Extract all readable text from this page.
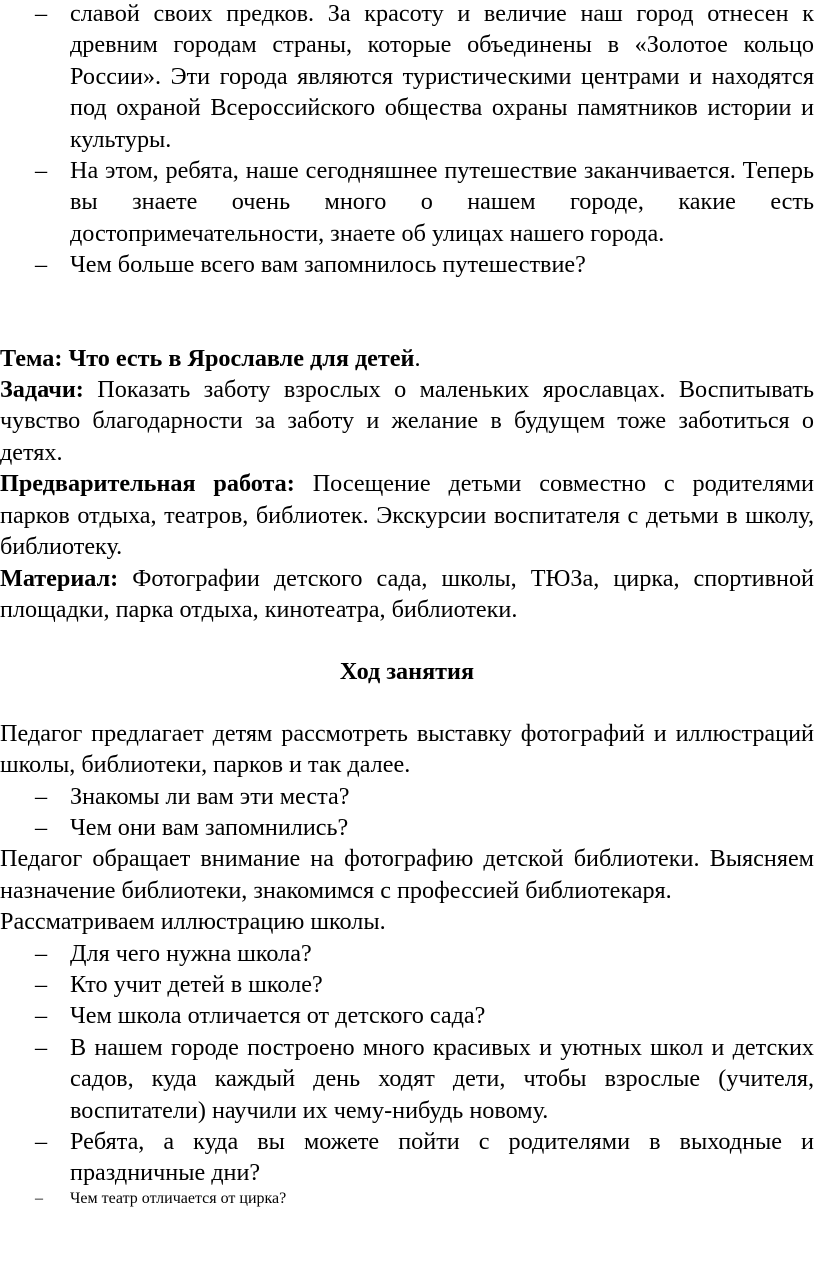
– славой своих предков. За красоту и величие наш город отнесен к древним городам страны, которые объединены в «Золотое кольцо России». Эти города являются туристическими центрами и находятся под охраной Всероссийского общества охраны памятников истории и культуры.
– На этом, ребята, наше сегодняшнее путешествие заканчивается. Теперь вы знаете очень много о нашем городе, какие есть достопримечательности, знаете об улицах нашего города.
– Чем больше всего вам запомнилось путешествие?

Тема: Что есть в Ярославле для детей.

Задачи: Показать заботу взрослых о маленьких ярославцах. Воспитывать чувство благодарности за заботу и желание в будущем тоже заботиться о детях.

Предварительная работа: Посещение детьми совместно с родителями парков отдыха, театров, библиотек. Экскурсии воспитателя с детьми в школу, библиотеку.

Материал: Фотографии детского сада, школы, ТЮЗа, цирка, спортивной площадки, парка отдыха, кинотеатра, библиотеки.

Ход занятия

Педагог предлагает детям рассмотреть выставку фотографий и иллюстраций школы, библиотеки, парков и так далее.

– Знакомы ли вам эти места?
– Чем они вам запомнились?

Педагог обращает внимание на фотографию детской библиотеки. Выясняем назначение библиотеки, знакомимся с профессией библиотекаря.

Рассматриваем иллюстрацию школы.

– Для чего нужна школа?
– Кто учит детей в школе?
– Чем школа отличается от детского сада?
– В нашем городе построено много красивых и уютных школ и детских садов, куда каждый день ходят дети, чтобы взрослые (учителя, воспитатели) научили их чему-нибудь новому.
– Ребята, а куда вы можете пойти с родителями в выходные и праздничные дни?
– Чем театр отличается от цирка?
